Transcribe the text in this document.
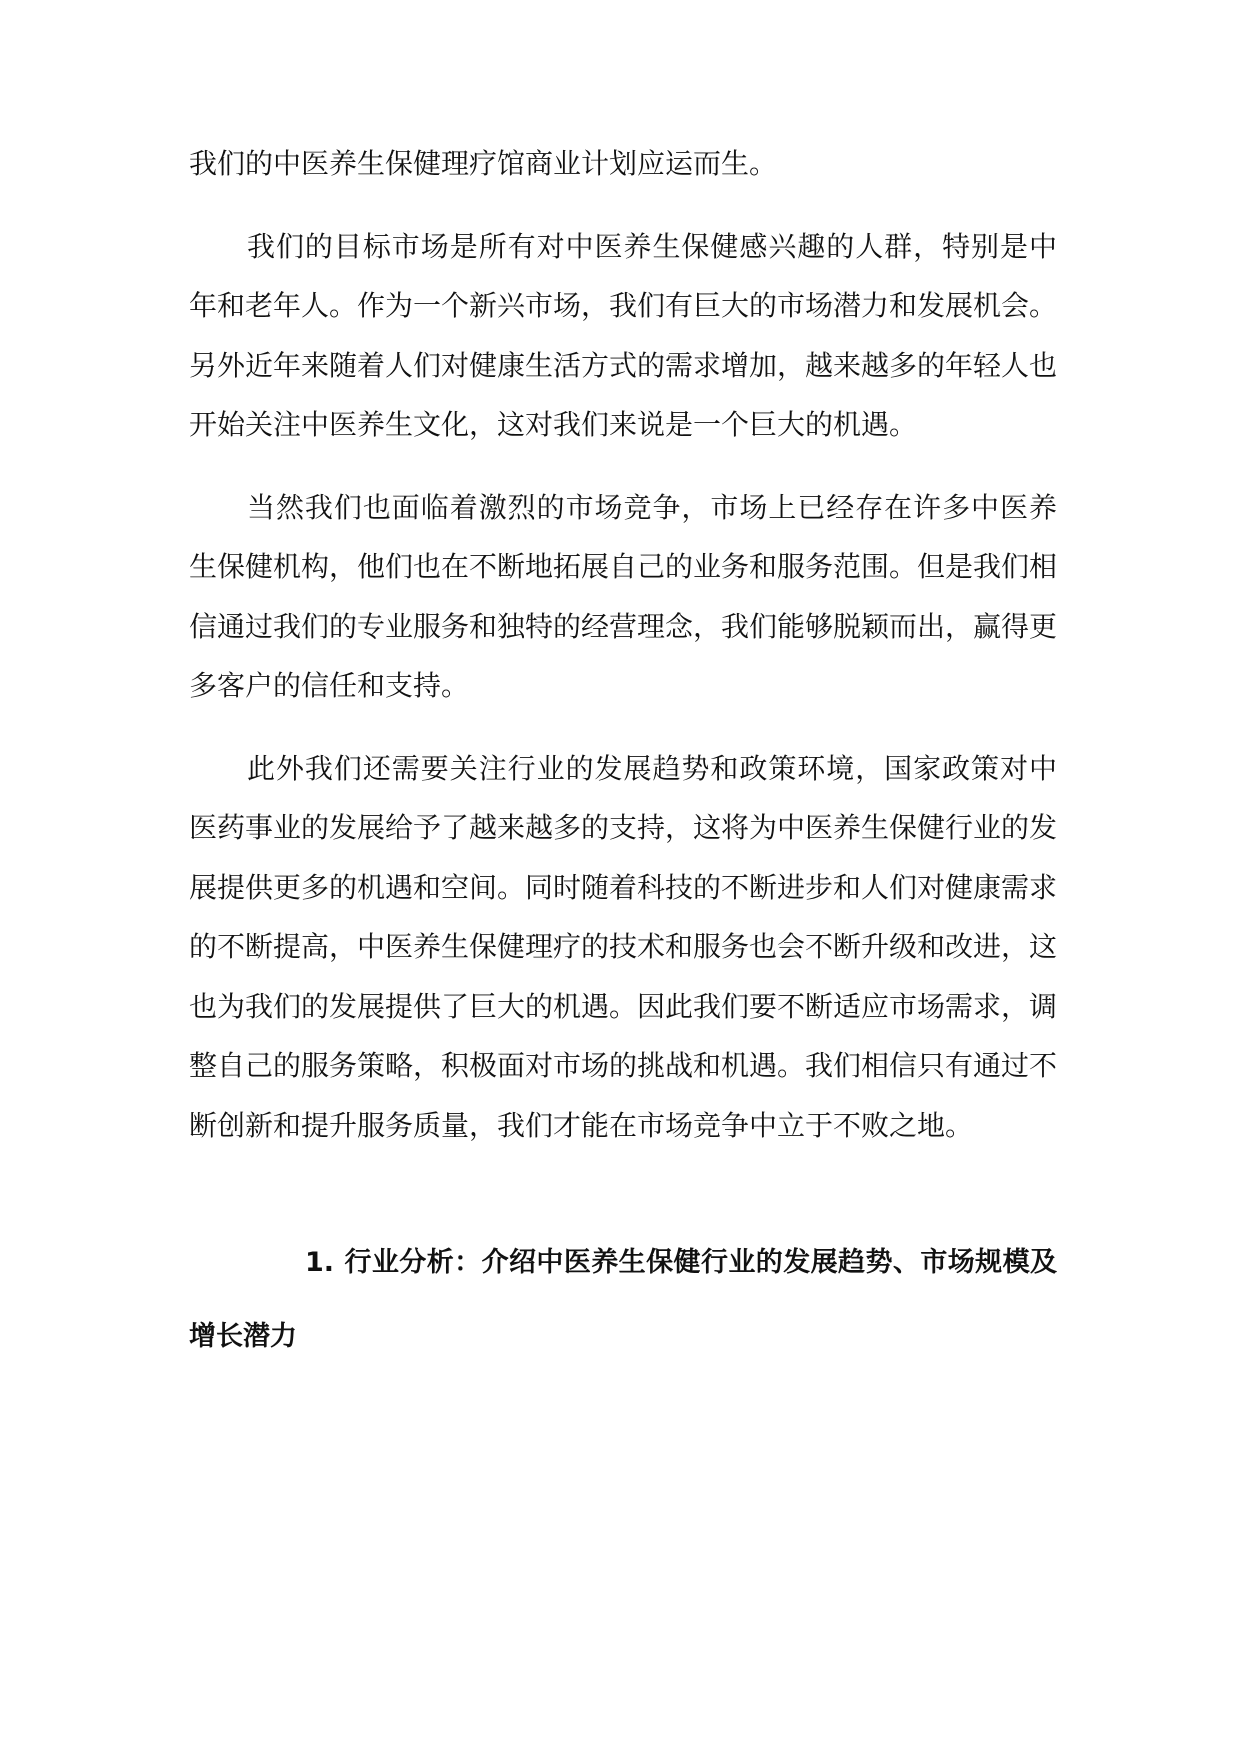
我们的中医养生保健理疗馆商业计划应运而生。

我们的目标市场是所有对中医养生保健感兴趣的人群，特别是中年和老年人。作为一个新兴市场，我们有巨大的市场潜力和发展机会。另外近年来随着人们对健康生活方式的需求增加，越来越多的年轻人也开始关注中医养生文化，这对我们来说是一个巨大的机遇。

当然我们也面临着激烈的市场竞争，市场上已经存在许多中医养生保健机构，他们也在不断地拓展自己的业务和服务范围。但是我们相信通过我们的专业服务和独特的经营理念，我们能够脱颖而出，赢得更多客户的信任和支持。

此外我们还需要关注行业的发展趋势和政策环境，国家政策对中医药事业的发展给予了越来越多的支持，这将为中医养生保健行业的发展提供更多的机遇和空间。同时随着科技的不断进步和人们对健康需求的不断提高，中医养生保健理疗的技术和服务也会不断升级和改进，这也为我们的发展提供了巨大的机遇。因此我们要不断适应市场需求，调整自己的服务策略，积极面对市场的挑战和机遇。我们相信只有通过不断创新和提升服务质量，我们才能在市场竞争中立于不败之地。

1. 行业分析：介绍中医养生保健行业的发展趋势、市场规模及增长潜力
